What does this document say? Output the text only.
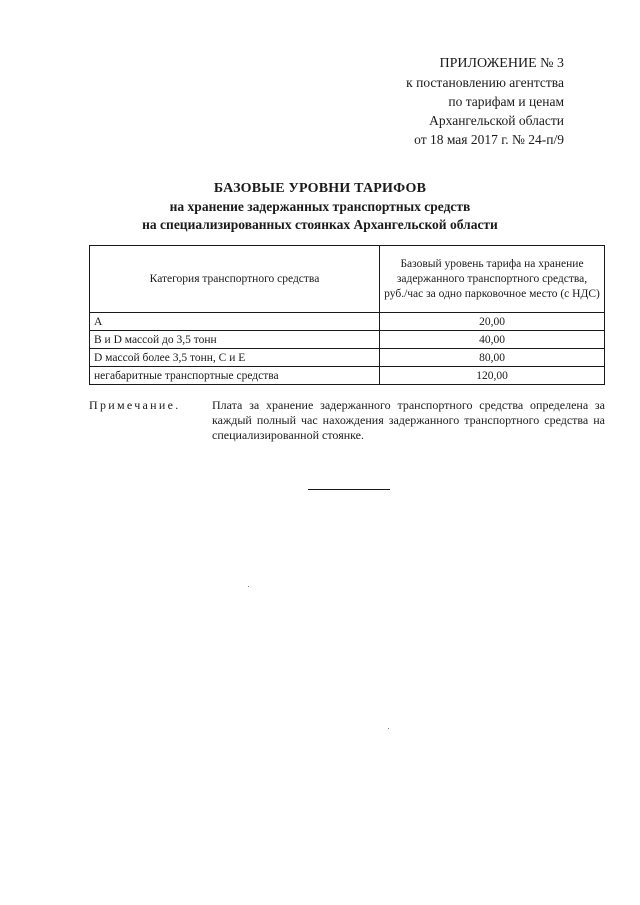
ПРИЛОЖЕНИЕ № 3
к постановлению агентства
по тарифам и ценам
Архангельской области
от 18 мая 2017 г. № 24-п/9
БАЗОВЫЕ УРОВНИ ТАРИФОВ
на хранение задержанных транспортных средств
на специализированных стоянках Архангельской области
Категория транспортного средства	Базовый уровень тарифа на хранение задержанного транспортного средства, руб./час за одно парковочное место (с НДС)
А	20,00
В и D массой до 3,5 тонн	40,00
D массой более 3,5 тонн, С и Е	80,00
негабаритные транспортные средства	120,00
Примечание.	Плата за хранение задержанного транспортного средства определена за каждый полный час нахождения задержанного транспортного средства на специализированной стоянке.
